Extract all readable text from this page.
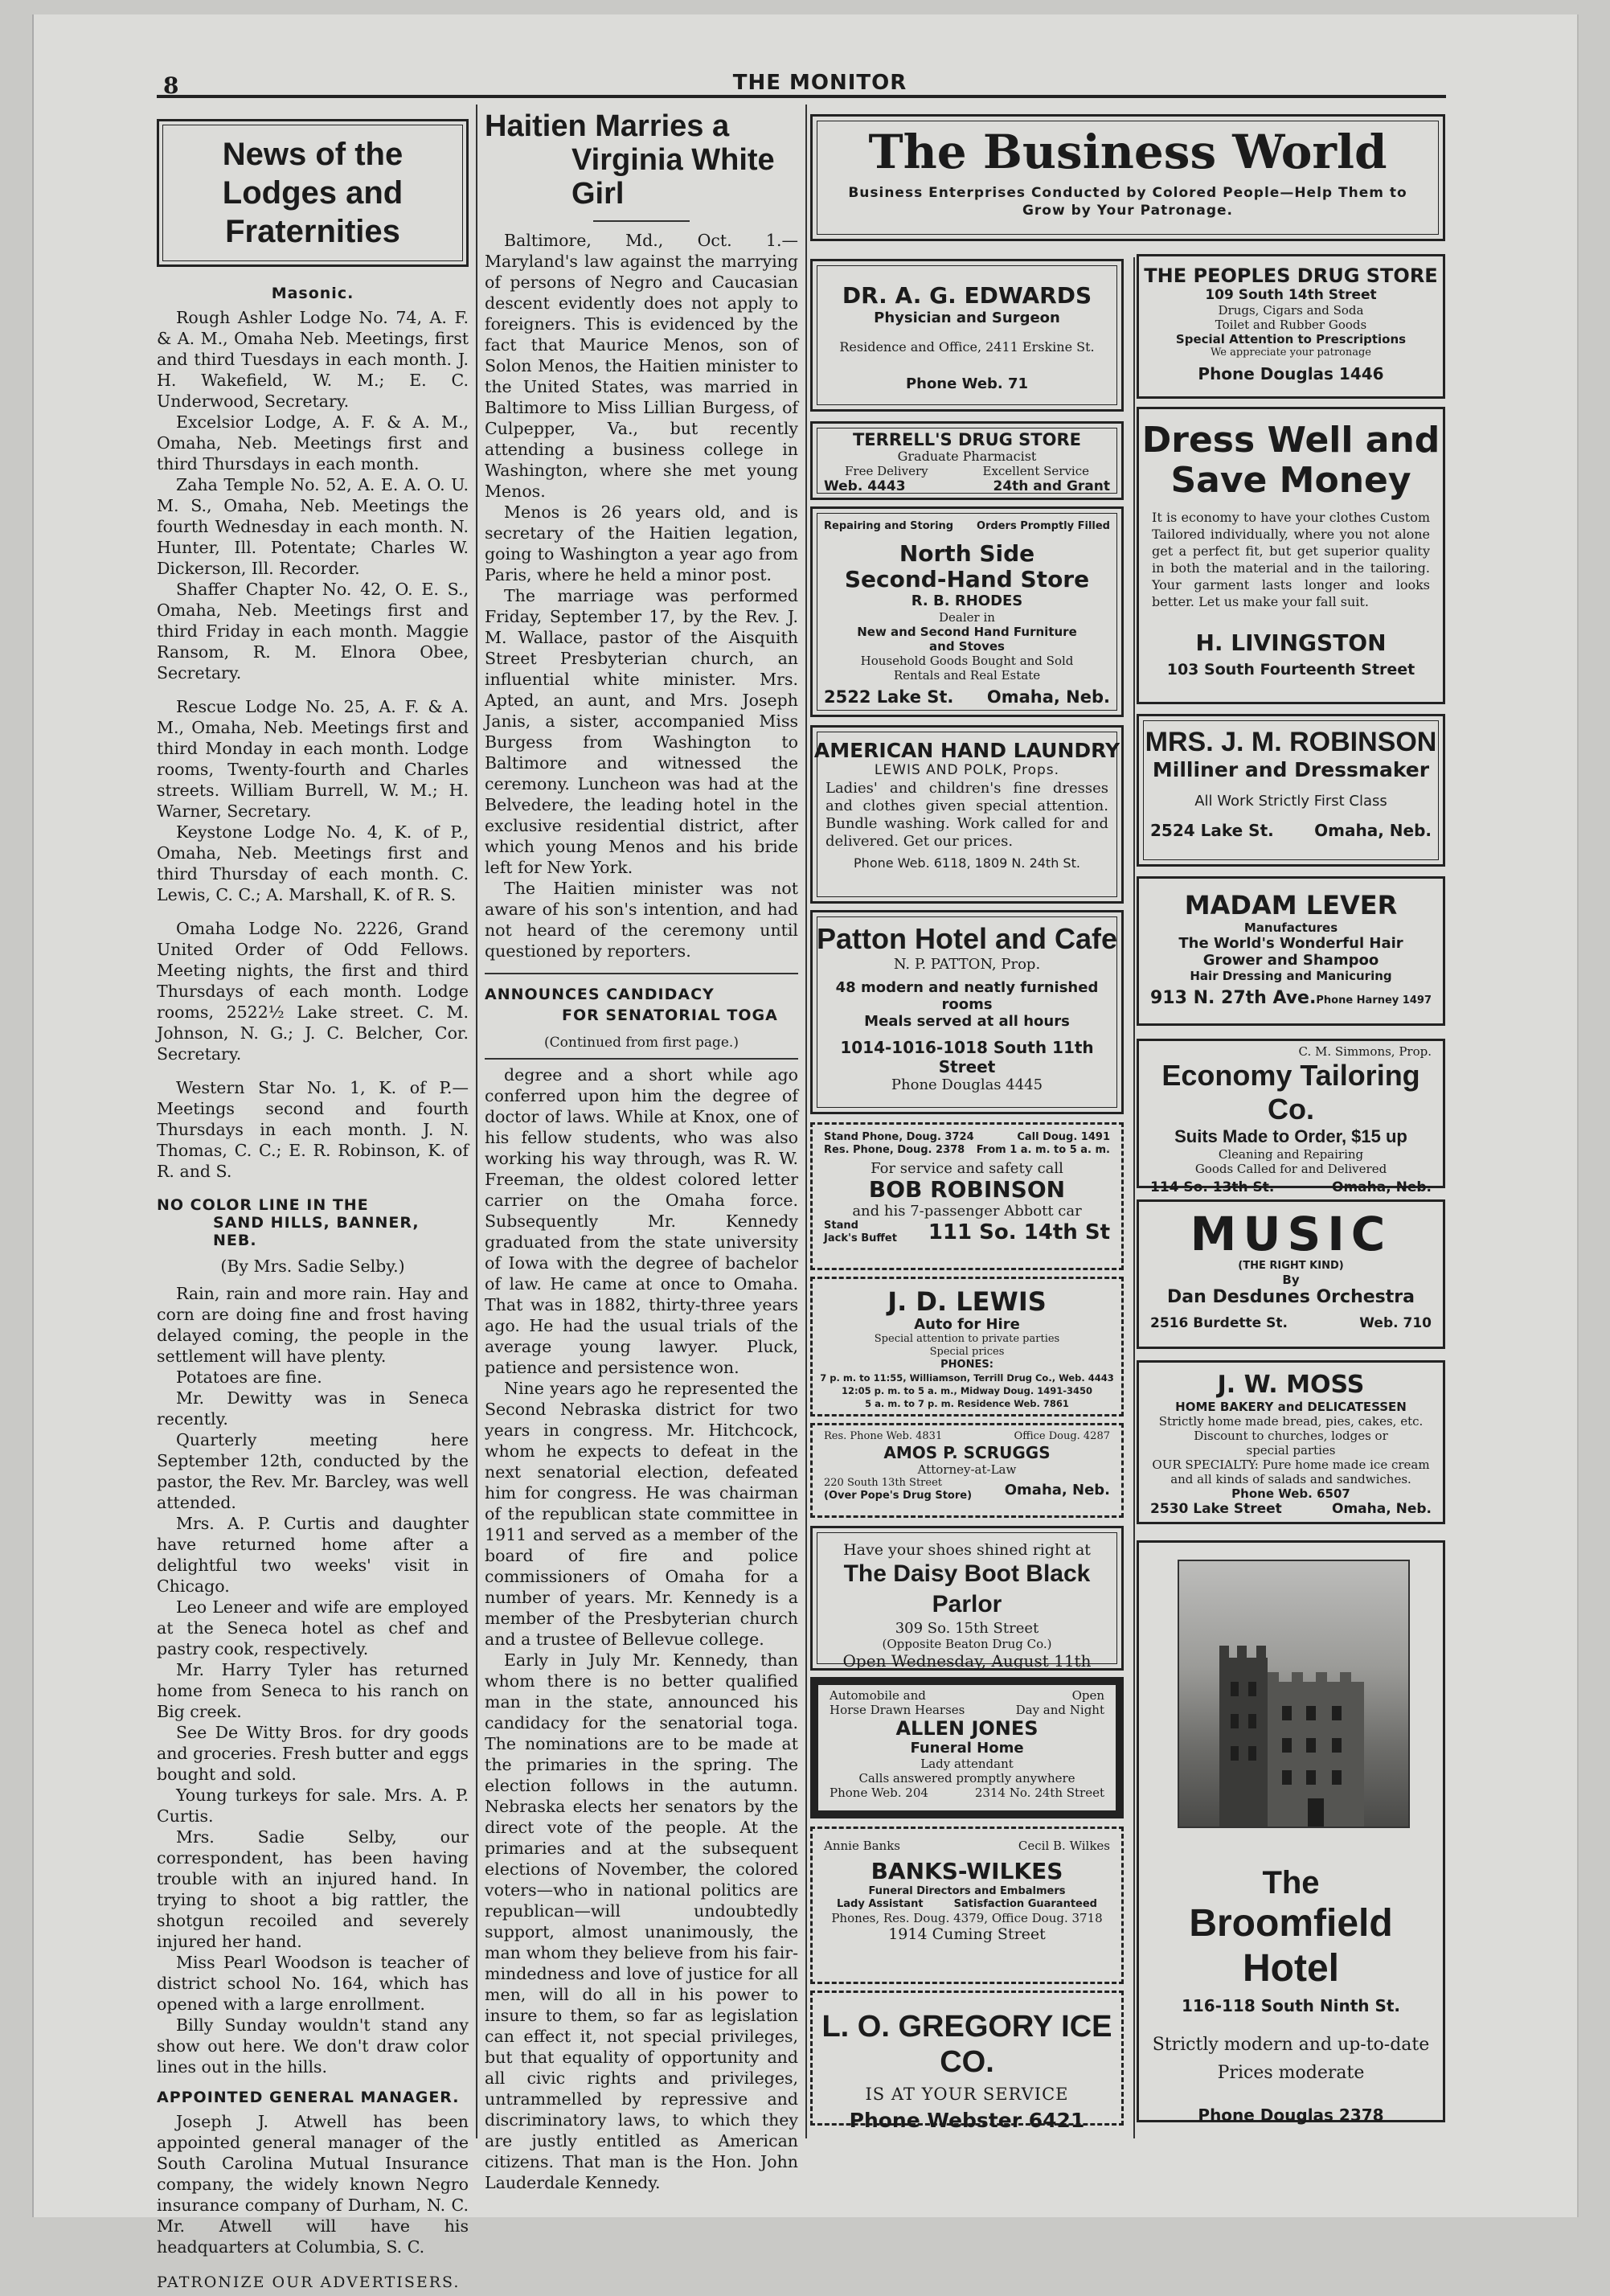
8	THE MONITOR
News of the Lodges and Fraternities
Masonic.

Rough Ashler Lodge No. 74, A. F. & A. M., Omaha Neb. Meetings, first and third Tuesdays in each month. J. H. Wakefield, W. M.; E. C. Underwood, Secretary.

Excelsior Lodge, A. F. & A. M., Omaha, Neb. Meetings first and third Thursdays in each month.

Zaha Temple No. 52, A. E. A. O. U. M. S., Omaha, Neb. Meetings the fourth Wednesday in each month. N. Hunter, Ill. Potentate; Charles W. Dickerson, Ill. Recorder.

Shaffer Chapter No. 42, O. E. S., Omaha, Neb. Meetings first and third Friday in each month. Maggie Ransom, R. M. Elnora Obee, Secretary.

Rescue Lodge No. 25, A. F. & A. M., Omaha, Neb. Meetings first and third Monday in each month. Lodge rooms, Twenty-fourth and Charles streets. William Burrell, W. M.; H. Warner, Secretary.

Keystone Lodge No. 4, K. of P., Omaha, Neb. Meetings first and third Thursday of each month. C. Lewis, C. C.; A. Marshall, K. of R. S.

Omaha Lodge No. 2226, Grand United Order of Odd Fellows. Meeting nights, the first and third Thursdays of each month. Lodge rooms, 2522½ Lake street. C. M. Johnson, N. G.; J. C. Belcher, Cor. Secretary.

Western Star No. 1, K. of P.—Meetings second and fourth Thursdays in each month. J. N. Thomas, C. C.; E. R. Robinson, K. of R. and S.

NO COLOR LINE IN THE
SAND HILLS, BANNER, NEB.
(By Mrs. Sadie Selby.)

Rain, rain and more rain. Hay and corn are doing fine and frost having delayed coming, the people in the settlement will have plenty.

Potatoes are fine.

Mr. Dewitty was in Seneca recently.

Quarterly meeting here September 12th, conducted by the pastor, the Rev. Mr. Barcley, was well attended.

Mrs. A. P. Curtis and daughter have returned home after a delightful two weeks' visit in Chicago.

Leo Leneer and wife are employed at the Seneca hotel as chef and pastry cook, respectively.

Mr. Harry Tyler has returned home from Seneca to his ranch on Big creek.

See De Witty Bros. for dry goods and groceries. Fresh butter and eggs bought and sold.

Young turkeys for sale. Mrs. A. P. Curtis.

Mrs. Sadie Selby, our correspondent, has been having trouble with an injured hand. In trying to shoot a big rattler, the shotgun recoiled and severely injured her hand.

Miss Pearl Woodson is teacher of district school No. 164, which has opened with a large enrollment.

Billy Sunday wouldn't stand any show out here. We don't draw color lines out in the hills.

APPOINTED GENERAL MANAGER.

Joseph J. Atwell has been appointed general manager of the South Carolina Mutual Insurance company, the widely known Negro insurance company of Durham, N. C. Mr. Atwell will have his headquarters at Columbia, S. C.

PATRONIZE OUR ADVERTISERS.
Haitien Marries a
Virginia White Girl

Baltimore, Md., Oct. 1.—Maryland's law against the marrying of persons of Negro and Caucasian descent evidently does not apply to foreigners. This is evidenced by the fact that Maurice Menos, son of Solon Menos, the Haitien minister to the United States, was married in Baltimore to Miss Lillian Burgess, of Culpepper, Va., but recently attending a business college in Washington, where she met young Menos.

Menos is 26 years old, and is secretary of the Haitien legation, going to Washington a year ago from Paris, where he held a minor post.

The marriage was performed Friday, September 17, by the Rev. J. M. Wallace, pastor of the Aisquith Street Presbyterian church, an influential white minister. Mrs. Apted, an aunt, and Mrs. Joseph Janis, a sister, accompanied Miss Burgess from Washington to Baltimore and witnessed the ceremony. Luncheon was had at the Belvedere, the leading hotel in the exclusive residential district, after which young Menos and his bride left for New York.

The Haitien minister was not aware of his son's intention, and had not heard of the ceremony until questioned by reporters.

ANNOUNCES CANDIDACY
FOR SENATORIAL TOGA
(Continued from first page.)

degree and a short while ago conferred upon him the degree of doctor of laws. While at Knox, one of his fellow students, who was also working his way through, was R. W. Freeman, the oldest colored letter carrier on the Omaha force. Subsequently Mr. Kennedy graduated from the state university of Iowa with the degree of bachelor of law. He came at once to Omaha. That was in 1882, thirty-three years ago. He had the usual trials of the average young lawyer. Pluck, patience and persistence won.

Nine years ago he represented the Second Nebraska district for two years in congress. Mr. Hitchcock, whom he expects to defeat in the next senatorial election, defeated him for congress. He was chairman of the republican state committee in 1911 and served as a member of the board of fire and police commissioners of Omaha for a number of years. Mr. Kennedy is a member of the Presbyterian church and a trustee of Bellevue college.

Early in July Mr. Kennedy, than whom there is no better qualified man in the state, announced his candidacy for the senatorial toga. The nominations are to be made at the primaries in the spring. The election follows in the autumn. Nebraska elects her senators by the direct vote of the people. At the primaries and at the subsequent elections of November, the colored voters—who in national politics are republican—will undoubtedly support, almost unanimously, the man whom they believe from his fair-mindedness and love of justice for all men, will do all in his power to insure to them, so far as legislation can effect it, not special privileges, but that equality of opportunity and all civic rights and privileges, untrammelled by repressive and discriminatory laws, to which they are justly entitled as American citizens. That man is the Hon. John Lauderdale Kennedy.

The Business World
Business Enterprises Conducted by Colored People—Help Them to
Grow by Your Patronage.
DR. A. G. EDWARDS
Physician and Surgeon
Residence and Office, 2411 Erskine St.
Phone Web. 71
TERRELL'S DRUG STORE
Graduate Pharmacist
Free Delivery	Excellent Service
Web. 4443	24th and Grant
Repairing and Storing Orders Promptly Filled
North Side
Second-Hand Store
R. B. RHODES
Dealer in
New and Second Hand Furniture
and Stoves
Household Goods Bought and Sold
Rentals and Real Estate
2522 Lake St. Omaha, Neb.
AMERICAN HAND LAUNDRY
LEWIS AND POLK, Props.
Ladies' and children's fine dresses and clothes given special attention. Bundle washing. Work called for and delivered. Get our prices.
Phone Web. 6118, 1809 N. 24th St.
Patton Hotel and Cafe
N. P. PATTON, Prop.
48 modern and neatly furnished
rooms
Meals served at all hours
1014-1016-1018 South 11th Street
Phone Douglas 4445
Stand Phone, Doug. 3724	Call Doug. 1491
Res. Phone, Doug. 2378 From 1 a. m. to 5 a. m.
For service and safety call
BOB ROBINSON
and his 7-passenger Abbott car
Stand
Jack's Buffet 111 So. 14th St
J. D. LEWIS
Auto for Hire
Special attention to private parties
Special prices
PHONES:
7 p. m. to 11:55, Williamson, Terrill Drug Co., Web. 4443
12:05 p. m. to 5 a. m., Midway Doug. 1491-3450
5 a. m. to 7 p. m. Residence Web. 7861
Res. Phone Web. 4831	Office Doug. 4287
AMOS P. SCRUGGS
Attorney-at-Law
220 South 13th Street
(Over Pope's Drug Store) Omaha, Neb.
Have your shoes shined right at
The Daisy Boot Black Parlor
309 So. 15th Street
(Opposite Beaton Drug Co.)
Open Wednesday, August 11th
Automobile and	Open
Horse Drawn Hearses	Day and Night
ALLEN JONES
Funeral Home
Lady attendant
Calls answered promptly anywhere
Phone Web. 204	2314 No. 24th Street
Annie Banks	Cecil B. Wilkes
BANKS-WILKES
Funeral Directors and Embalmers
Lady Assistant	Satisfaction Guaranteed
Phones, Res. Doug. 4379, Office Doug. 3718
1914 Cuming Street
L. O. GREGORY ICE CO.
IS AT YOUR SERVICE
Phone Webster 6421
THE PEOPLES DRUG STORE
109 South 14th Street
Drugs, Cigars and Soda
Toilet and Rubber Goods
Special Attention to Prescriptions
We appreciate your patronage
Phone Douglas 1446
Dress Well and
Save Money
It is economy to have your clothes Custom Tailored individually, where you not alone get a perfect fit, but get superior quality in both the material and in the tailoring. Your garment lasts longer and looks better. Let us make your fall suit.
H. LIVINGSTON
103 South Fourteenth Street
MRS. J. M. ROBINSON
Milliner and Dressmaker
All Work Strictly First Class
2524 Lake St.	Omaha, Neb.
MADAM LEVER
Manufactures
The World's Wonderful Hair
Grower and Shampoo
Hair Dressing and Manicuring
913 N. 27th Ave. Phone Harney 1497
C. M. Simmons, Prop.
Economy Tailoring Co.
Suits Made to Order, $15 up
Cleaning and Repairing
Goods Called for and Delivered
114 So. 13th St.	Omaha, Neb.
MUSIC
(THE RIGHT KIND)
By
Dan Desdunes Orchestra
2516 Burdette St.	Web. 710
J. W. MOSS
HOME BAKERY and DELICATESSEN
Strictly home made bread, pies, cakes, etc.
Discount to churches, lodges or
special parties
OUR SPECIALTY: Pure home made ice cream
and all kinds of salads and sandwiches.
Phone Web. 6507
2530 Lake Street	Omaha, Neb.
The
Broomfield Hotel
116-118 South Ninth St.
Strictly modern and up-to-date
Prices moderate
Phone Douglas 2378
